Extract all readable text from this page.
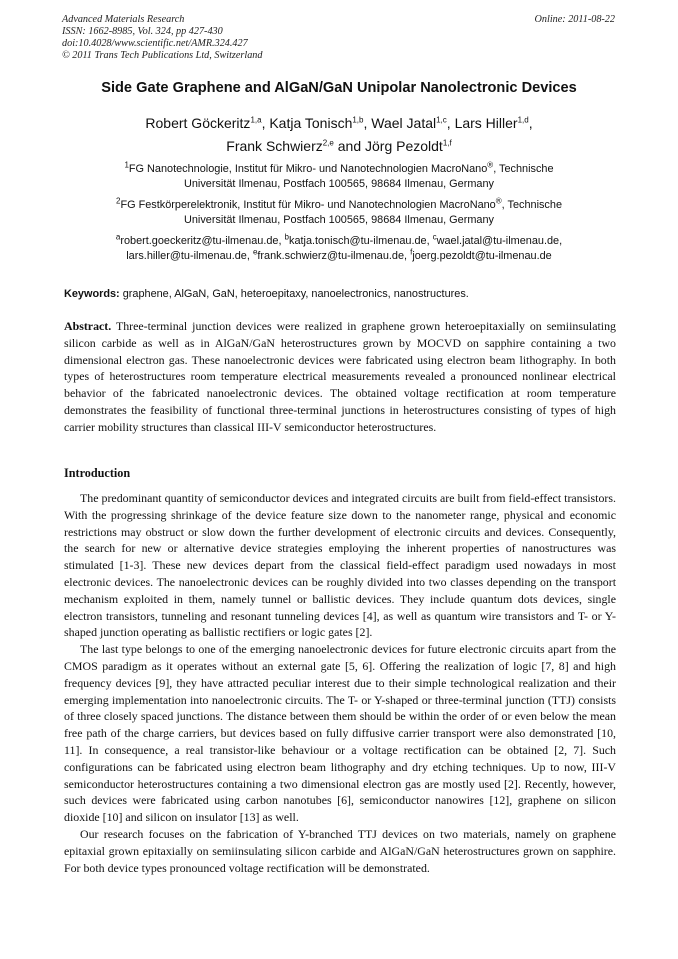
Advanced Materials Research
ISSN: 1662-8985, Vol. 324, pp 427-430
doi:10.4028/www.scientific.net/AMR.324.427
© 2011 Trans Tech Publications Ltd, Switzerland
Online: 2011-08-22
Side Gate Graphene and AlGaN/GaN Unipolar Nanolectronic Devices
Robert Göckeritz$^{1,a}$, Katja Tonisch$^{1,b}$, Wael Jatal$^{1,c}$, Lars Hiller$^{1,d}$,
Frank Schwierz$^{2,e}$ and Jörg Pezoldt$^{1,f}$
$^1$FG Nanotechnologie, Institut für Mikro- und Nanotechnologien MacroNano®, Technische
Universität Ilmenau, Postfach 100565, 98684 Ilmenau, Germany
$^2$FG Festkörperelektronik, Institut für Mikro- und Nanotechnologien MacroNano®, Technische
Universität Ilmenau, Postfach 100565, 98684 Ilmenau, Germany
$^a$robert.goeckeritz@tu-ilmenau.de, $^b$katja.tonisch@tu-ilmenau.de, $^c$wael.jatal@tu-ilmenau.de,
lars.hiller@tu-ilmenau.de, $^e$frank.schwierz@tu-ilmenau.de, $^f$joerg.pezoldt@tu-ilmenau.de
Keywords: graphene, AlGaN, GaN, heteroepitaxy, nanoelectronics, nanostructures.

Abstract. Three-terminal junction devices were realized in graphene grown heteroepitaxially on semiinsulating silicon carbide as well as in AlGaN/GaN heterostructures grown by MOCVD on sapphire containing a two dimensional electron gas. These nanoelectronic devices were fabricated using electron beam lithography. In both types of heterostructures room temperature electrical measurements revealed a pronounced nonlinear electrical behavior of the fabricated nanoelectronic devices. The obtained voltage rectification at room temperature demonstrates the feasibility of functional three-terminal junctions in heterostructures consisting of types of high carrier mobility structures than classical III-V semiconductor heterostructures.

Introduction

The predominant quantity of semiconductor devices and integrated circuits are built from field-effect transistors. With the progressing shrinkage of the device feature size down to the nanometer range, physical and economic restrictions may obstruct or slow down the further development of electronic circuits and devices. Consequently, the search for new or alternative device strategies employing the inherent properties of nanostructures was stimulated [1-3]. These new devices depart from the classical field-effect paradigm used nowadays in most electronic devices. The nanoelectronic devices can be roughly divided into two classes depending on the transport mechanism exploited in them, namely tunnel or ballistic devices. They include quantum dots devices, single electron transistors, tunneling and resonant tunneling devices [4], as well as quantum wire transistors and T- or Y-shaped junction operating as ballistic rectifiers or logic gates [2].

The last type belongs to one of the emerging nanoelectronic devices for future electronic circuits apart from the CMOS paradigm as it operates without an external gate [5, 6]. Offering the realization of logic [7, 8] and high frequency devices [9], they have attracted peculiar interest due to their simple technological realization and their emerging implementation into nanoelectronic circuits. The T- or Y-shaped or three-terminal junction (TTJ) consists of three closely spaced junctions. The distance between them should be within the order of or even below the mean free path of the charge carriers, but devices based on fully diffusive carrier transport were also demonstrated [10, 11]. In consequence, a real transistor-like behaviour or a voltage rectification can be obtained [2, 7]. Such configurations can be fabricated using electron beam lithography and dry etching techniques. Up to now, III-V semiconductor heterostructures containing a two dimensional electron gas are mostly used [2]. Recently, however, such devices were fabricated using carbon nanotubes [6], semiconductor nanowires [12], graphene on silicon dioxide [10] and silicon on insulator [13] as well.

Our research focuses on the fabrication of Y-branched TTJ devices on two materials, namely on graphene epitaxial grown epitaxially on semiinsulating silicon carbide and AlGaN/GaN heterostructures grown on sapphire. For both device types pronounced voltage rectification will be demonstrated.
